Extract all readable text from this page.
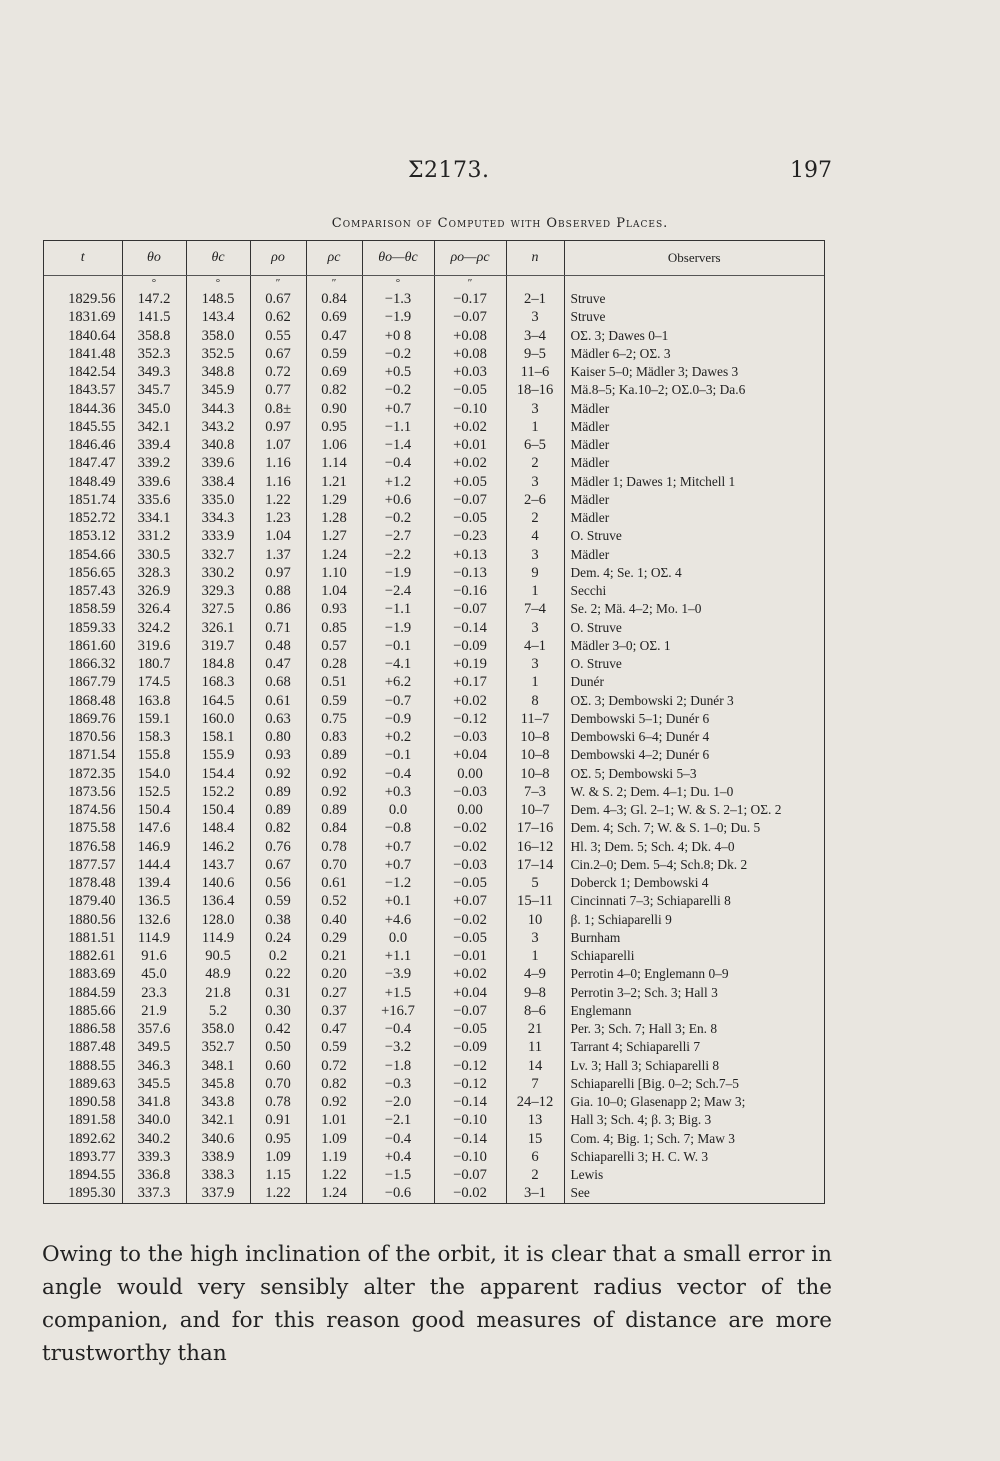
Σ2173.	197
Comparison of Computed with Observed Places.
t	θo	θc	ρo	ρc	θo—θc	ρo—ρc	n	Observers
	°	°	″	″	°	″		
1829.56	147.2	148.5	0.67	0.84	−1.3	−0.17	2–1	Struve
1831.69	141.5	143.4	0.62	0.69	−1.9	−0.07	3	Struve
1840.64	358.8	358.0	0.55	0.47	+0 8	+0.08	3–4	OΣ. 3; Dawes 0–1
1841.48	352.3	352.5	0.67	0.59	−0.2	+0.08	9–5	Mädler 6–2; OΣ. 3
1842.54	349.3	348.8	0.72	0.69	+0.5	+0.03	11–6	Kaiser 5–0; Mädler 3; Dawes 3
1843.57	345.7	345.9	0.77	0.82	−0.2	−0.05	18–16	Mä.8–5; Ka.10–2; OΣ.0–3; Da.6
1844.36	345.0	344.3	0.8±	0.90	+0.7	−0.10	3	Mädler
1845.55	342.1	343.2	0.97	0.95	−1.1	+0.02	1	Mädler
1846.46	339.4	340.8	1.07	1.06	−1.4	+0.01	6–5	Mädler
1847.47	339.2	339.6	1.16	1.14	−0.4	+0.02	2	Mädler
1848.49	339.6	338.4	1.16	1.21	+1.2	+0.05	3	Mädler 1; Dawes 1; Mitchell 1
1851.74	335.6	335.0	1.22	1.29	+0.6	−0.07	2–6	Mädler
1852.72	334.1	334.3	1.23	1.28	−0.2	−0.05	2	Mädler
1853.12	331.2	333.9	1.04	1.27	−2.7	−0.23	4	O. Struve
1854.66	330.5	332.7	1.37	1.24	−2.2	+0.13	3	Mädler
1856.65	328.3	330.2	0.97	1.10	−1.9	−0.13	9	Dem. 4; Se. 1; OΣ. 4
1857.43	326.9	329.3	0.88	1.04	−2.4	−0.16	1	Secchi
1858.59	326.4	327.5	0.86	0.93	−1.1	−0.07	7–4	Se. 2; Mä. 4–2; Mo. 1–0
1859.33	324.2	326.1	0.71	0.85	−1.9	−0.14	3	O. Struve
1861.60	319.6	319.7	0.48	0.57	−0.1	−0.09	4–1	Mädler 3–0; OΣ. 1
1866.32	180.7	184.8	0.47	0.28	−4.1	+0.19	3	O. Struve
1867.79	174.5	168.3	0.68	0.51	+6.2	+0.17	1	Dunér
1868.48	163.8	164.5	0.61	0.59	−0.7	+0.02	8	OΣ. 3; Dembowski 2; Dunér 3
1869.76	159.1	160.0	0.63	0.75	−0.9	−0.12	11–7	Dembowski 5–1; Dunér 6
1870.56	158.3	158.1	0.80	0.83	+0.2	−0.03	10–8	Dembowski 6–4; Dunér 4
1871.54	155.8	155.9	0.93	0.89	−0.1	+0.04	10–8	Dembowski 4–2; Dunér 6
1872.35	154.0	154.4	0.92	0.92	−0.4	0.00	10–8	OΣ. 5; Dembowski 5–3
1873.56	152.5	152.2	0.89	0.92	+0.3	−0.03	7–3	W. & S. 2; Dem. 4–1; Du. 1–0
1874.56	150.4	150.4	0.89	0.89	0.0	0.00	10–7	Dem. 4–3; Gl. 2–1; W. & S. 2–1; OΣ. 2
1875.58	147.6	148.4	0.82	0.84	−0.8	−0.02	17–16	Dem. 4; Sch. 7; W. & S. 1–0; Du. 5
1876.58	146.9	146.2	0.76	0.78	+0.7	−0.02	16–12	Hl. 3; Dem. 5; Sch. 4; Dk. 4–0
1877.57	144.4	143.7	0.67	0.70	+0.7	−0.03	17–14	Cin.2–0; Dem. 5–4; Sch.8; Dk. 2
1878.48	139.4	140.6	0.56	0.61	−1.2	−0.05	5	Doberck 1; Dembowski 4
1879.40	136.5	136.4	0.59	0.52	+0.1	+0.07	15–11	Cincinnati 7–3; Schiaparelli 8
1880.56	132.6	128.0	0.38	0.40	+4.6	−0.02	10	β. 1; Schiaparelli 9
1881.51	114.9	114.9	0.24	0.29	0.0	−0.05	3	Burnham
1882.61	91.6	90.5	0.2	0.21	+1.1	−0.01	1	Schiaparelli
1883.69	45.0	48.9	0.22	0.20	−3.9	+0.02	4–9	Perrotin 4–0; Englemann 0–9
1884.59	23.3	21.8	0.31	0.27	+1.5	+0.04	9–8	Perrotin 3–2; Sch. 3; Hall 3
1885.66	21.9	5.2	0.30	0.37	+16.7	−0.07	8–6	Englemann
1886.58	357.6	358.0	0.42	0.47	−0.4	−0.05	21	Per. 3; Sch. 7; Hall 3; En. 8
1887.48	349.5	352.7	0.50	0.59	−3.2	−0.09	11	Tarrant 4; Schiaparelli 7
1888.55	346.3	348.1	0.60	0.72	−1.8	−0.12	14	Lv. 3; Hall 3; Schiaparelli 8
1889.63	345.5	345.8	0.70	0.82	−0.3	−0.12	7	Schiaparelli [Big. 0–2; Sch.7–5
1890.58	341.8	343.8	0.78	0.92	−2.0	−0.14	24–12	Gia. 10–0; Glasenapp 2; Maw 3;
1891.58	340.0	342.1	0.91	1.01	−2.1	−0.10	13	Hall 3; Sch. 4; β. 3; Big. 3
1892.62	340.2	340.6	0.95	1.09	−0.4	−0.14	15	Com. 4; Big. 1; Sch. 7; Maw 3
1893.77	339.3	338.9	1.09	1.19	+0.4	−0.10	6	Schiaparelli 3; H. C. W. 3
1894.55	336.8	338.3	1.15	1.22	−1.5	−0.07	2	Lewis
1895.30	337.3	337.9	1.22	1.24	−0.6	−0.02	3–1	See
Owing to the high inclination of the orbit, it is clear that a small error in angle would very sensibly alter the apparent radius vector of the companion, and for this reason good measures of distance are more trustworthy than
